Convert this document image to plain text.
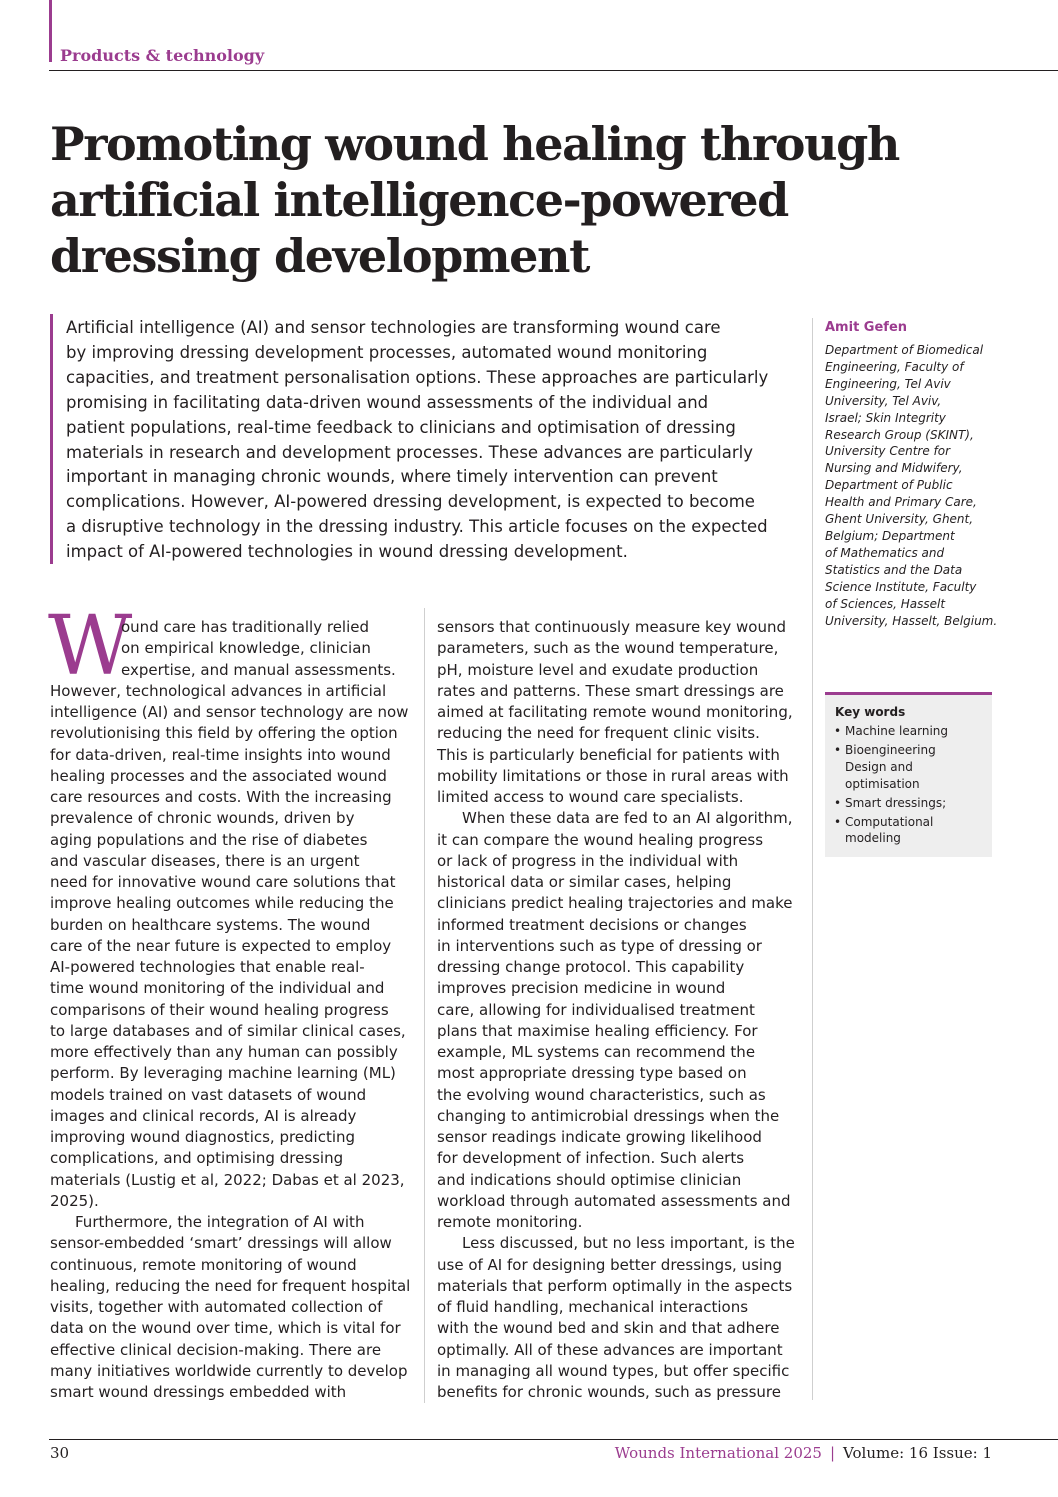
Products & technology
Promoting wound healing through
artificial intelligence-powered
dressing development
Artificial intelligence (AI) and sensor technologies are transforming wound care
by improving dressing development processes, automated wound monitoring
capacities, and treatment personalisation options. These approaches are particularly
promising in facilitating data-driven wound assessments of the individual and
patient populations, real-time feedback to clinicians and optimisation of dressing
materials in research and development processes. These advances are particularly
important in managing chronic wounds, where timely intervention can prevent
complications. However, AI-powered dressing development, is expected to become
a disruptive technology in the dressing industry. This article focuses on the expected
impact of AI-powered technologies in wound dressing development.
Amit Gefen
Department of Biomedical
Engineering, Faculty of
Engineering, Tel Aviv
University, Tel Aviv,
Israel; Skin Integrity
Research Group (SKINT),
University Centre for
Nursing and Midwifery,
Department of Public
Health and Primary Care,
Ghent University, Ghent,
Belgium; Department
of Mathematics and
Statistics and the Data
Science Institute, Faculty
of Sciences, Hasselt
University, Hasselt, Belgium.
Key words
• Machine learning
• Bioengineering
Design and
optimisation
• Smart dressings;
• Computational
modeling
W
ound care has traditionally relied
on empirical knowledge, clinician
expertise, and manual assessments.
However, technological advances in artificial
intelligence (AI) and sensor technology are now
revolutionising this field by offering the option
for data-driven, real-time insights into wound
healing processes and the associated wound
care resources and costs. With the increasing
prevalence of chronic wounds, driven by
aging populations and the rise of diabetes
and vascular diseases, there is an urgent
need for innovative wound care solutions that
improve healing outcomes while reducing the
burden on healthcare systems. The wound
care of the near future is expected to employ
AI-powered technologies that enable real-
time wound monitoring of the individual and
comparisons of their wound healing progress
to large databases and of similar clinical cases,
more effectively than any human can possibly
perform. By leveraging machine learning (ML)
models trained on vast datasets of wound
images and clinical records, AI is already
improving wound diagnostics, predicting
complications, and optimising dressing
materials (Lustig et al, 2022; Dabas et al 2023,
2025).
Furthermore, the integration of AI with
sensor-embedded ‘smart’ dressings will allow
continuous, remote monitoring of wound
healing, reducing the need for frequent hospital
visits, together with automated collection of
data on the wound over time, which is vital for
effective clinical decision-making. There are
many initiatives worldwide currently to develop
smart wound dressings embedded with
sensors that continuously measure key wound
parameters, such as the wound temperature,
pH, moisture level and exudate production
rates and patterns. These smart dressings are
aimed at facilitating remote wound monitoring,
reducing the need for frequent clinic visits.
This is particularly beneficial for patients with
mobility limitations or those in rural areas with
limited access to wound care specialists.
When these data are fed to an AI algorithm,
it can compare the wound healing progress
or lack of progress in the individual with
historical data or similar cases, helping
clinicians predict healing trajectories and make
informed treatment decisions or changes
in interventions such as type of dressing or
dressing change protocol. This capability
improves precision medicine in wound
care, allowing for individualised treatment
plans that maximise healing efficiency. For
example, ML systems can recommend the
most appropriate dressing type based on
the evolving wound characteristics, such as
changing to antimicrobial dressings when the
sensor readings indicate growing likelihood
for development of infection. Such alerts
and indications should optimise clinician
workload through automated assessments and
remote monitoring.
Less discussed, but no less important, is the
use of AI for designing better dressings, using
materials that perform optimally in the aspects
of fluid handling, mechanical interactions
with the wound bed and skin and that adhere
optimally. All of these advances are important
in managing all wound types, but offer specific
benefits for chronic wounds, such as pressure
30	Wounds International 2025 | Volume: 16 Issue: 1
